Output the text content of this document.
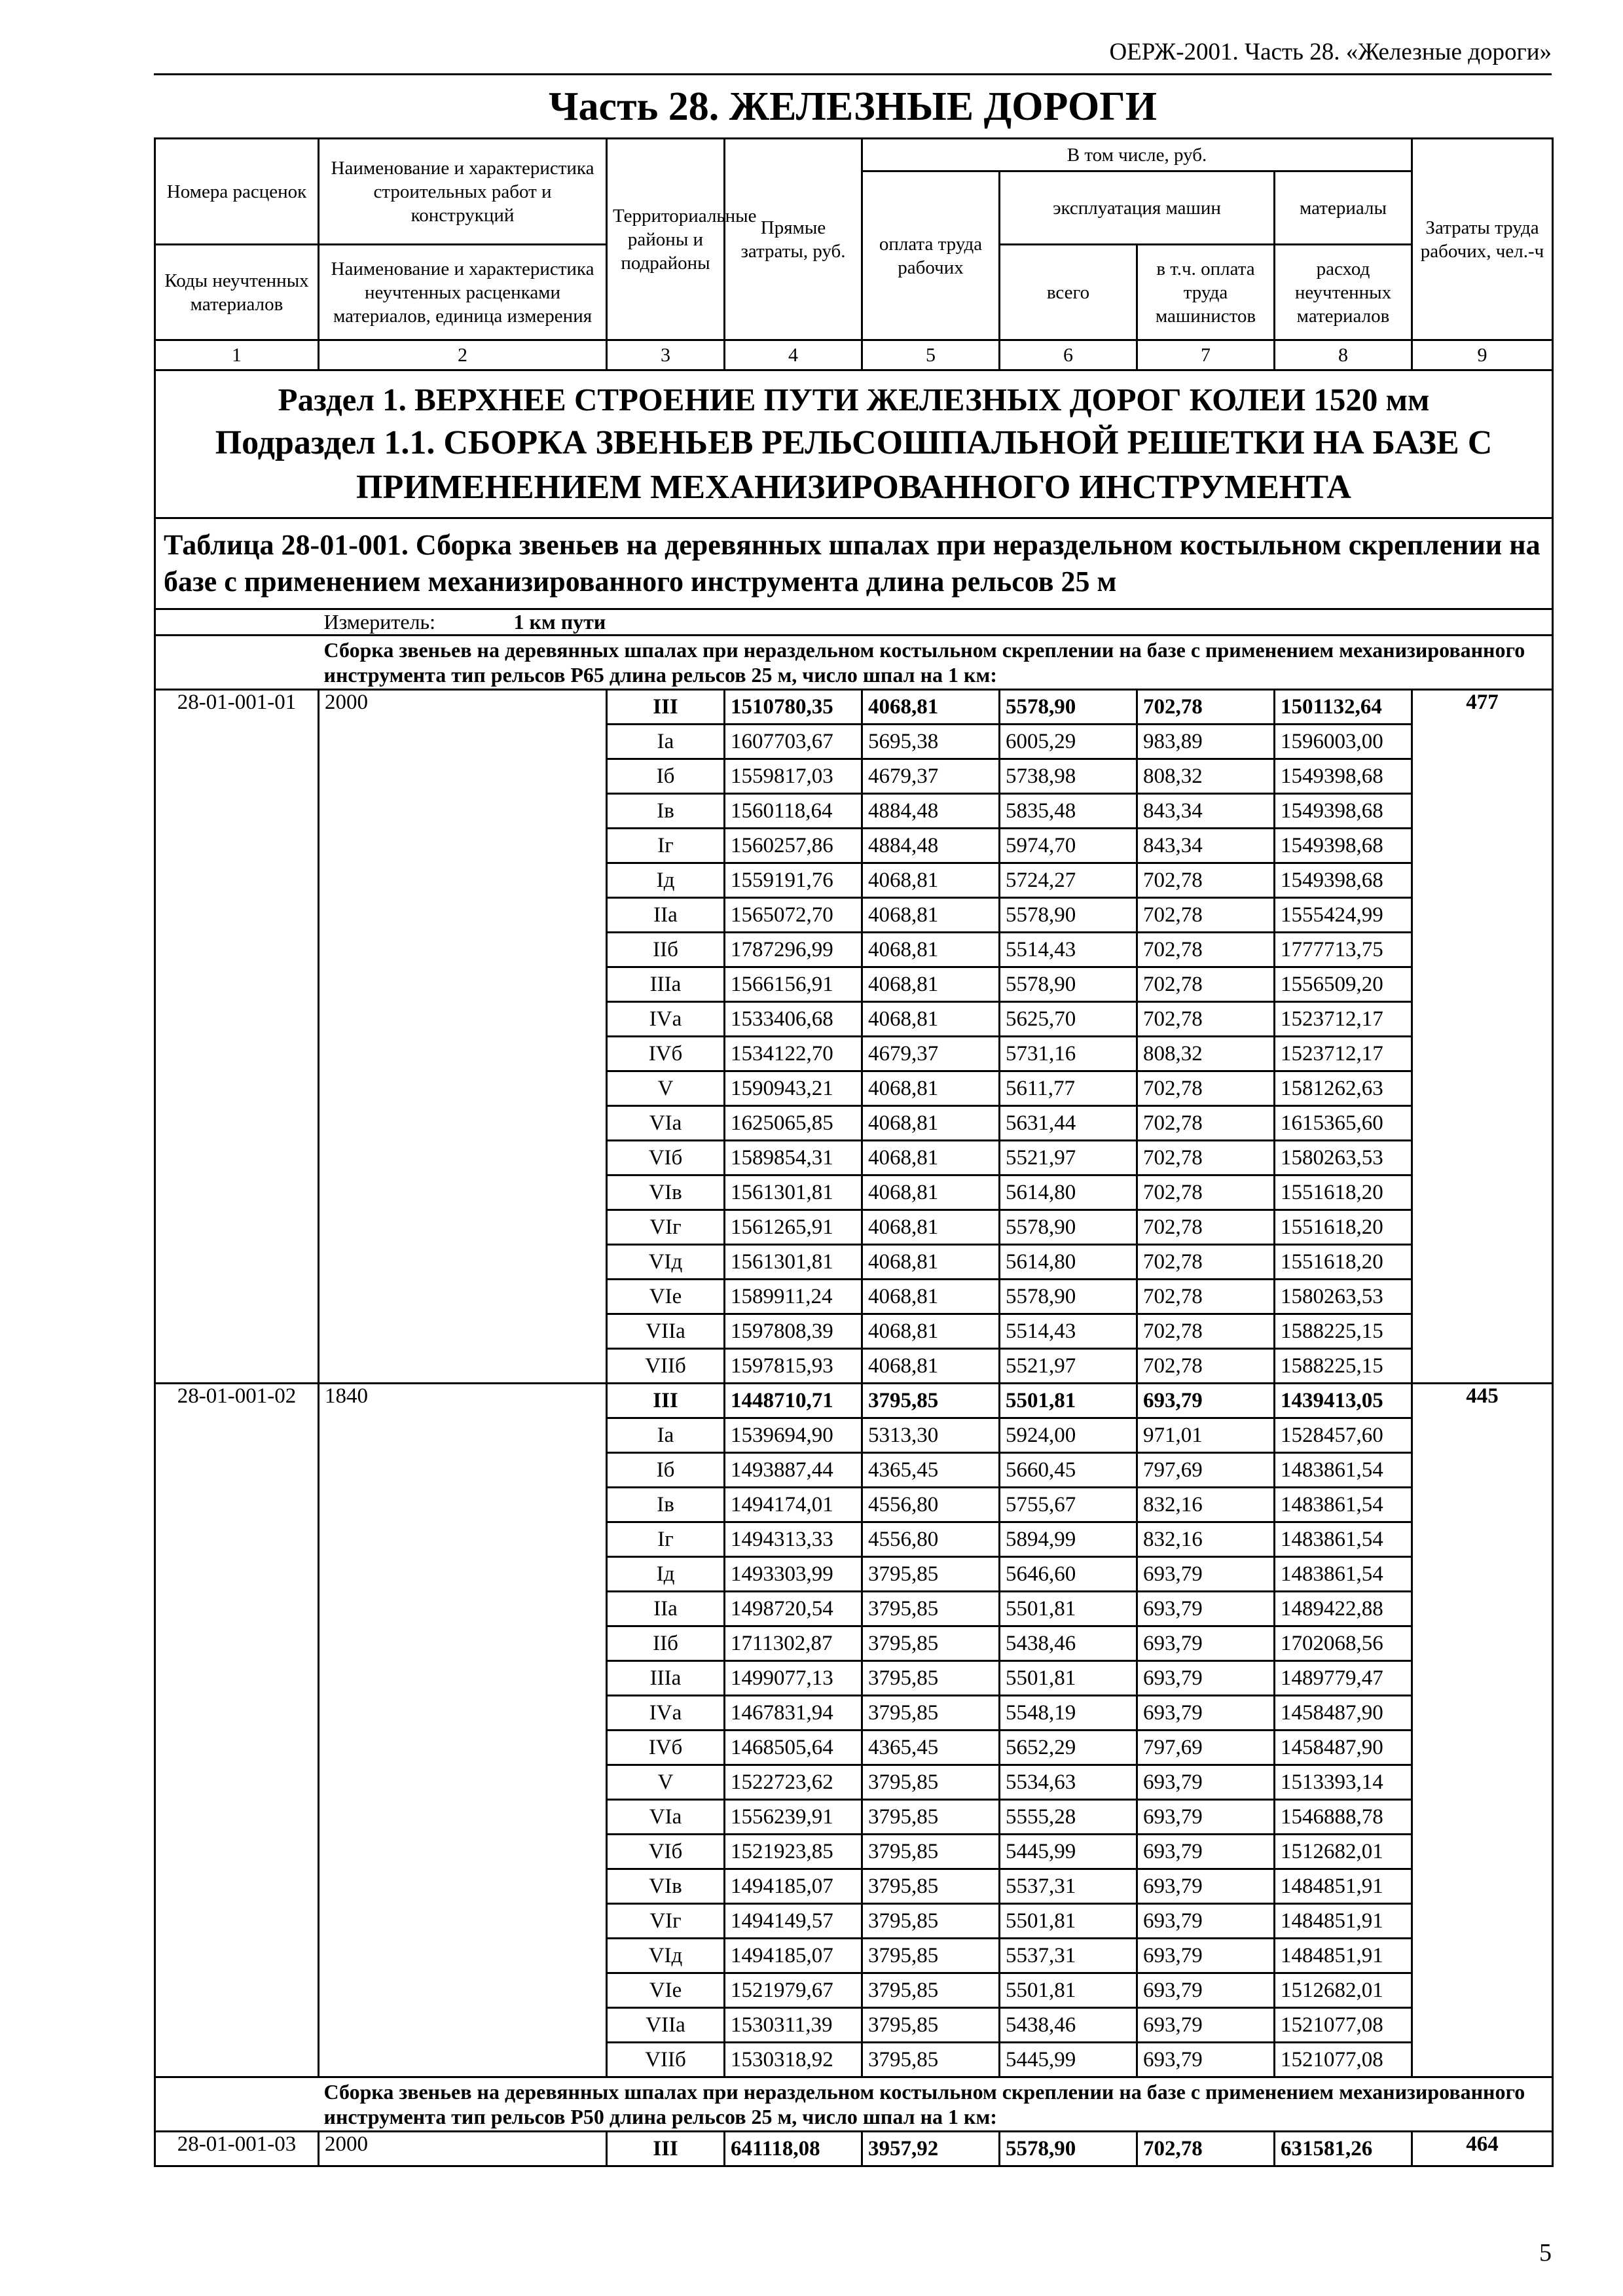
ОЕРЖ-2001. Часть 28. «Железные дороги»
Часть 28. ЖЕЛЕЗНЫЕ ДОРОГИ
Номера расценок	Наименование и характеристика строительных работ и конструкций	Территориальные районы и подрайоны	Прямые затраты, руб.	В том числе, руб.				Затраты труда рабочих, чел.-ч
				оплата труда рабочих	эксплуатация машин		материалы	

Коды неучтенных материалов	Наименование и характеристика неучтенных расценками материалов, единица измерения				всего	в т.ч. оплата труда машинистов	расход неучтенных материалов	

1	2	3	4	5	6	7	8	9

Раздел 1. ВЕРХНЕЕ СТРОЕНИЕ ПУТИ ЖЕЛЕЗНЫХ ДОРОГ КОЛЕИ 1520 мм
Подраздел 1.1. СБОРКА ЗВЕНЬЕВ РЕЛЬСОШПАЛЬНОЙ РЕШЕТКИ НА БАЗЕ С ПРИМЕНЕНИЕМ МЕХАНИЗИРОВАННОГО ИНСТРУМЕНТА								

Таблица 28-01-001. Сборка звеньев на деревянных шпалах при нераздельном костыльном скреплении на базе с применением механизированного инструмента длина рельсов 25 м								
	Измеритель: 1 км пути							
	Сборка звеньев на деревянных шпалах при нераздельном костыльном скреплении на базе с применением механизированного инструмента тип рельсов Р65 длина рельсов 25 м, число шпал на 1 км:							
28-01-001-01	2000	III	1510780,35	4068,81	5578,90	702,78	1501132,64	477
		Iа	1607703,67	5695,38	6005,29	983,89	1596003,00	
		Iб	1559817,03	4679,37	5738,98	808,32	1549398,68	
		Iв	1560118,64	4884,48	5835,48	843,34	1549398,68	
		Iг	1560257,86	4884,48	5974,70	843,34	1549398,68	
		Iд	1559191,76	4068,81	5724,27	702,78	1549398,68	
		IIа	1565072,70	4068,81	5578,90	702,78	1555424,99	
		IIб	1787296,99	4068,81	5514,43	702,78	1777713,75	
		IIIа	1566156,91	4068,81	5578,90	702,78	1556509,20	
		IVа	1533406,68	4068,81	5625,70	702,78	1523712,17	
		IVб	1534122,70	4679,37	5731,16	808,32	1523712,17	
		V	1590943,21	4068,81	5611,77	702,78	1581262,63	
		VIа	1625065,85	4068,81	5631,44	702,78	1615365,60	
		VIб	1589854,31	4068,81	5521,97	702,78	1580263,53	
		VIв	1561301,81	4068,81	5614,80	702,78	1551618,20	
		VIг	1561265,91	4068,81	5578,90	702,78	1551618,20	
		VIд	1561301,81	4068,81	5614,80	702,78	1551618,20	
		VIе	1589911,24	4068,81	5578,90	702,78	1580263,53	
		VIIа	1597808,39	4068,81	5514,43	702,78	1588225,15	
		VIIб	1597815,93	4068,81	5521,97	702,78	1588225,15	
28-01-001-02	1840	III	1448710,71	3795,85	5501,81	693,79	1439413,05	445
		Iа	1539694,90	5313,30	5924,00	971,01	1528457,60	
		Iб	1493887,44	4365,45	5660,45	797,69	1483861,54	
		Iв	1494174,01	4556,80	5755,67	832,16	1483861,54	
		Iг	1494313,33	4556,80	5894,99	832,16	1483861,54	
		Iд	1493303,99	3795,85	5646,60	693,79	1483861,54	
		IIа	1498720,54	3795,85	5501,81	693,79	1489422,88	
		IIб	1711302,87	3795,85	5438,46	693,79	1702068,56	
		IIIа	1499077,13	3795,85	5501,81	693,79	1489779,47	
		IVа	1467831,94	3795,85	5548,19	693,79	1458487,90	
		IVб	1468505,64	4365,45	5652,29	797,69	1458487,90	
		V	1522723,62	3795,85	5534,63	693,79	1513393,14	
		VIа	1556239,91	3795,85	5555,28	693,79	1546888,78	
		VIб	1521923,85	3795,85	5445,99	693,79	1512682,01	
		VIв	1494185,07	3795,85	5537,31	693,79	1484851,91	
		VIг	1494149,57	3795,85	5501,81	693,79	1484851,91	
		VIд	1494185,07	3795,85	5537,31	693,79	1484851,91	
		VIе	1521979,67	3795,85	5501,81	693,79	1512682,01	
		VIIа	1530311,39	3795,85	5438,46	693,79	1521077,08	
		VIIб	1530318,92	3795,85	5445,99	693,79	1521077,08	
	Сборка звеньев на деревянных шпалах при нераздельном костыльном скреплении на базе с применением механизированного инструмента тип рельсов Р50 длина рельсов 25 м, число шпал на 1 км:							
28-01-001-03	2000	III	641118,08	3957,92	5578,90	702,78	631581,26	464
5
